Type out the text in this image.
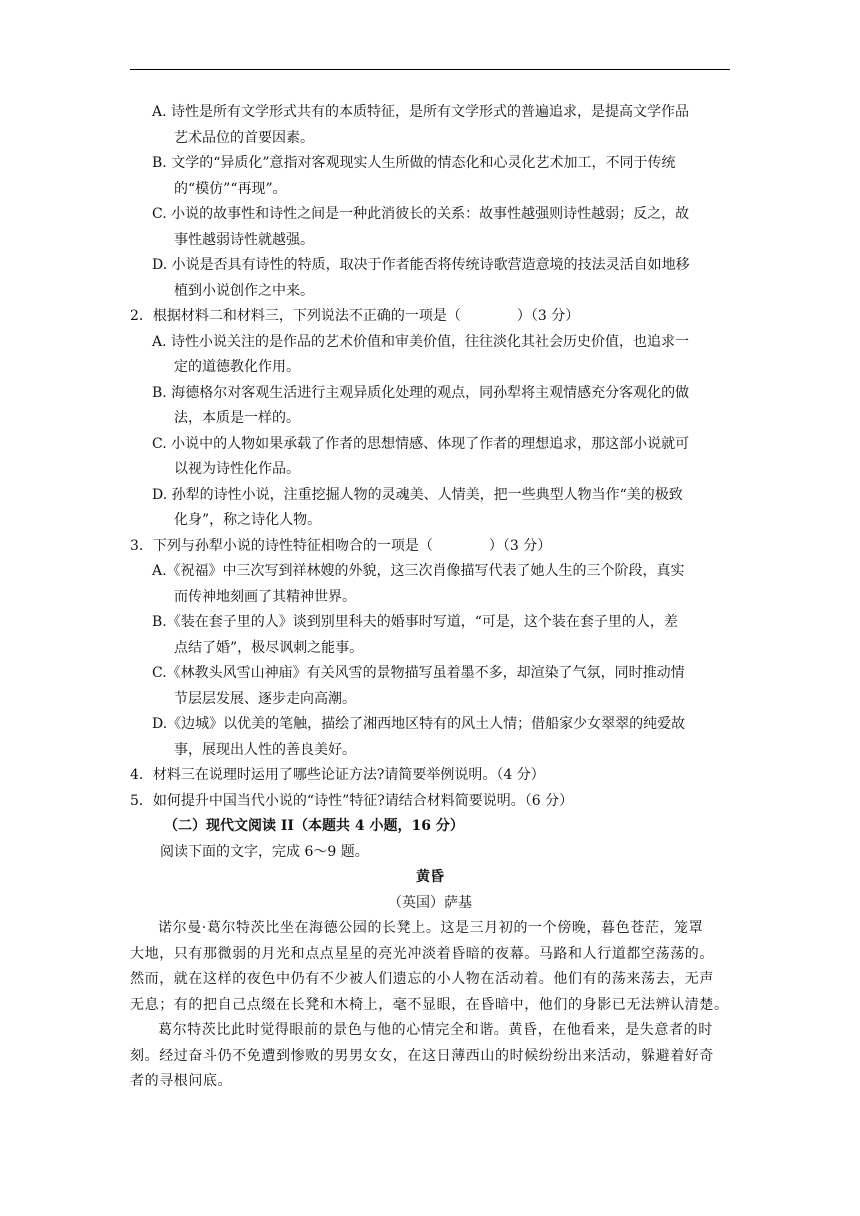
A. 诗性是所有文学形式共有的本质特征，是所有文学形式的普遍追求，是提高文学作品
艺术品位的首要因素。
B. 文学的“异质化”意指对客观现实人生所做的情态化和心灵化艺术加工，不同于传统
的“模仿”“再现”。
C. 小说的故事性和诗性之间是一种此消彼长的关系：故事性越强则诗性越弱；反之，故
事性越弱诗性就越强。
D. 小说是否具有诗性的特质，取决于作者能否将传统诗歌营造意境的技法灵活自如地移
植到小说创作之中来。
2．根据材料二和材料三，下列说法不正确的一项是（　　　　）（3 分）
A. 诗性小说关注的是作品的艺术价值和审美价值，往往淡化其社会历史价值，也追求一
定的道德教化作用。
B. 海德格尔对客观生活进行主观异质化处理的观点，同孙犁将主观情感充分客观化的做
法，本质是一样的。
C. 小说中的人物如果承载了作者的思想情感、体现了作者的理想追求，那这部小说就可
以视为诗性化作品。
D. 孙犁的诗性小说，注重挖掘人物的灵魂美、人情美，把一些典型人物当作“美的极致
化身”，称之诗化人物。
3．下列与孙犁小说的诗性特征相吻合的一项是（　　　　）（3 分）
A.《祝福》中三次写到祥林嫂的外貌，这三次肖像描写代表了她人生的三个阶段，真实
而传神地刻画了其精神世界。
B.《装在套子里的人》谈到别里科夫的婚事时写道，“可是，这个装在套子里的人，差
点结了婚”，极尽讽刺之能事。
C.《林教头风雪山神庙》有关风雪的景物描写虽着墨不多，却渲染了气氛，同时推动情
节层层发展、逐步走向高潮。
D.《边城》以优美的笔触，描绘了湘西地区特有的风土人情；借船家少女翠翠的纯爱故
事，展现出人性的善良美好。
4．材料三在说理时运用了哪些论证方法?请简要举例说明。（4 分）
5．如何提升中国当代小说的“诗性”特征?请结合材料简要说明。（6 分）
（二）现代文阅读 II（本题共 4 小题，16 分）
阅读下面的文字，完成 6～9 题。
黄昏
（英国）萨基
诺尔曼·葛尔特茨比坐在海德公园的长凳上。这是三月初的一个傍晚，暮色苍茫，笼罩
大地，只有那微弱的月光和点点星星的亮光冲淡着昏暗的夜幕。马路和人行道都空荡荡的。
然而，就在这样的夜色中仍有不少被人们遗忘的小人物在活动着。他们有的荡来荡去，无声
无息；有的把自己点缀在长凳和木椅上，毫不显眼，在昏暗中，他们的身影已无法辨认清楚。
葛尔特茨比此时觉得眼前的景色与他的心情完全和谐。黄昏，在他看来，是失意者的时
刻。经过奋斗仍不免遭到惨败的男男女女，在这日薄西山的时候纷纷出来活动，躲避着好奇
者的寻根问底。
